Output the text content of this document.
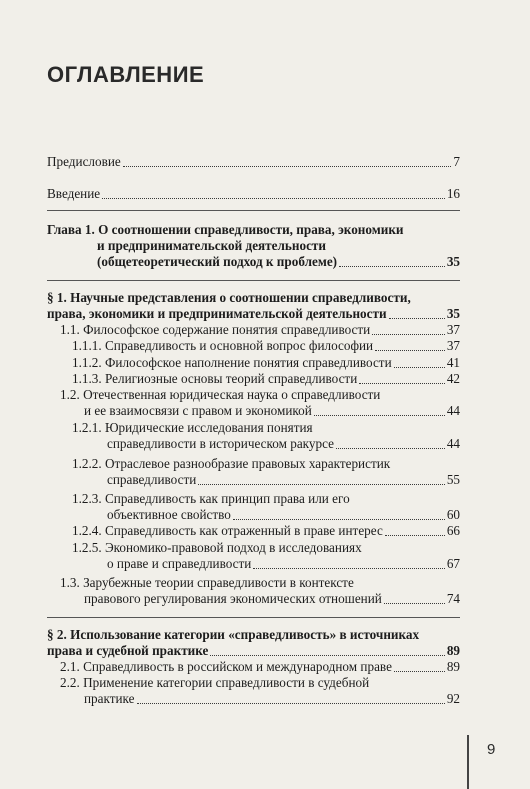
ОГЛАВЛЕНИЕ
Предисловие	7
Введение	16
Глава 1. О соотношении справедливости, права, экономики
и предпринимательской деятельности
(общетеоретический подход к проблеме)	35
§ 1. Научные представления о соотношении справедливости,
права, экономики и предпринимательской деятельности	35
1.1. Философское содержание понятия справедливости	37
1.1.1. Справедливость и основной вопрос философии	37
1.1.2. Философское наполнение понятия справедливости	41
1.1.3. Религиозные основы теорий справедливости	42
1.2. Отечественная юридическая наука о справедливости
и ее взаимосвязи с правом и экономикой	44
1.2.1. Юридические исследования понятия
справедливости в историческом ракурсе	44
1.2.2. Отраслевое разнообразие правовых характеристик
справедливости	55
1.2.3. Справедливость как принцип права или его
объективное свойство	60
1.2.4. Справедливость как отраженный в праве интерес	66
1.2.5. Экономико-правовой подход в исследованиях
о праве и справедливости	67
1.3. Зарубежные теории справедливости в контексте
правового регулирования экономических отношений	74
§ 2. Использование категории «справедливость» в источниках
права и судебной практике	89
2.1. Справедливость в российском и международном праве	89
2.2. Применение категории справедливости в судебной
практике	92
9
